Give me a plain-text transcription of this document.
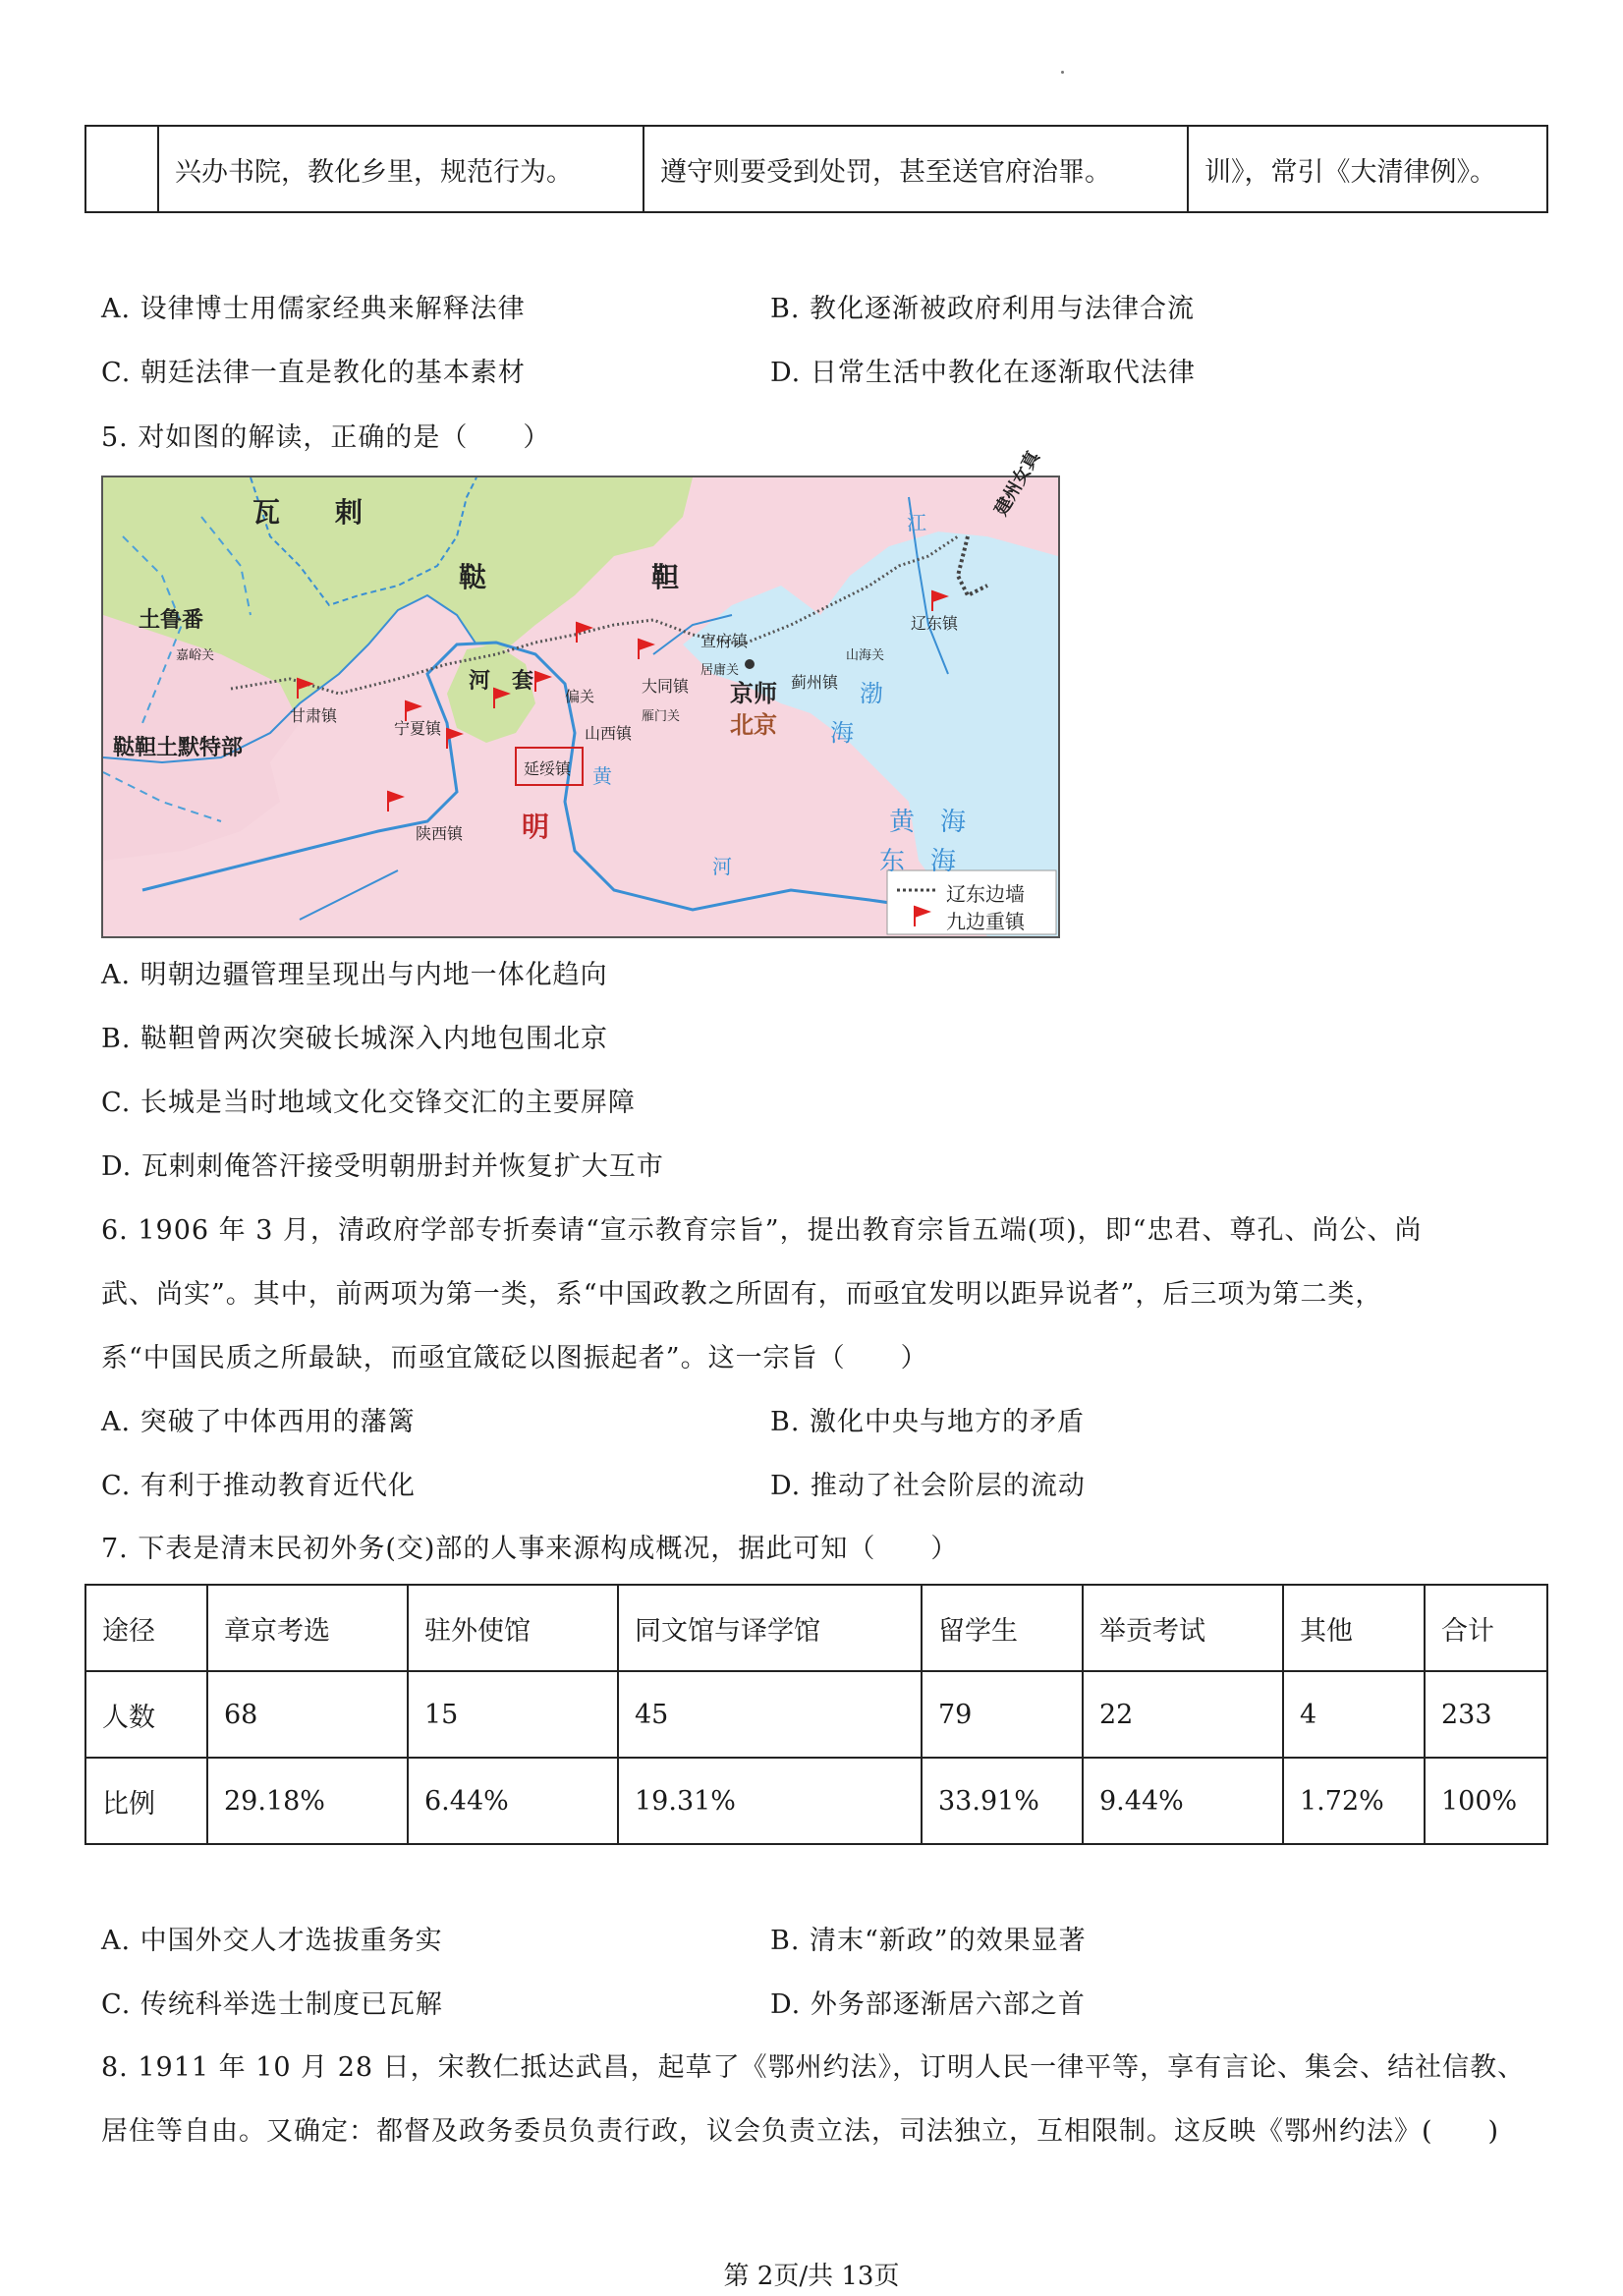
	兴办书院，教化乡里，规范行为。	遵守则要受到处罚，甚至送官府治罪。	训》，常引《大清律例》。
A. 设律博士用儒家经典来解释法律	B. 教化逐渐被政府利用与法律合流
C. 朝廷法律一直是教化的基本素材	D. 日常生活中教化在逐渐取代法律
5. 对如图的解读，正确的是（　　）
瓦　　剌
鞑　　　　　　靼
土鲁番
嘉峪关
鞑靼土默特部
甘肃镇
宁夏镇
河　套
偏关
大同镇
居庸关
宣府镇
雁门关
山西镇
延绥镇
陕西镇 明
京师
北京
蓟州镇
山海关
辽东镇
建州女真
渤
海
黄　海
东　海
黄
河
江
辽东边墙
九边重镇
A. 明朝边疆管理呈现出与内地一体化趋向
B. 鞑靼曾两次突破长城深入内地包围北京
C. 长城是当时地域文化交锋交汇的主要屏障
D. 瓦剌刺俺答汗接受明朝册封并恢复扩大互市
6. 1906 年 3 月，清政府学部专折奏请“宣示教育宗旨”，提出教育宗旨五端(项)，即“忠君、尊孔、尚公、尚
武、尚实”。其中，前两项为第一类，系“中国政教之所固有，而亟宜发明以距异说者”，后三项为第二类，
系“中国民质之所最缺，而亟宜箴砭以图振起者”。这一宗旨（　　）
A. 突破了中体西用的藩篱	B. 激化中央与地方的矛盾
C. 有利于推动教育近代化	D. 推动了社会阶层的流动
7. 下表是清末民初外务(交)部的人事来源构成概况，据此可知（　　）
途径	章京考选	驻外使馆	同文馆与译学馆	留学生	举贡考试	其他	合计
人数	68	15	45	79	22	4	233
比例	29.18%	6.44%	19.31%	33.91%	9.44%	1.72%	100%
A. 中国外交人才选拔重务实	B. 清末“新政”的效果显著
C. 传统科举选士制度已瓦解	D. 外务部逐渐居六部之首
8. 1911 年 10 月 28 日，宋教仁抵达武昌，起草了《鄂州约法》，订明人民一律平等，享有言论、集会、结社信教、
居住等自由。又确定：都督及政务委员负责行政，议会负责立法，司法独立，互相限制。这反映《鄂州约法》(　　)
第 2页/共 13页
